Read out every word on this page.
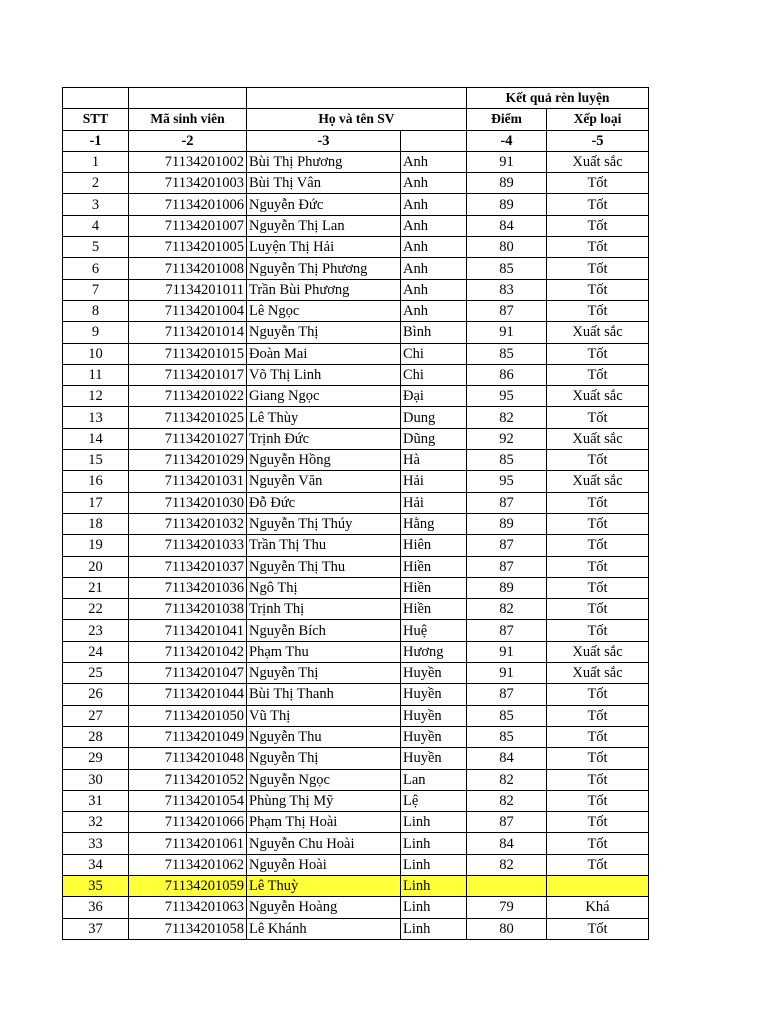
				Kết quả rèn luyện	
STT	Mã sinh viên	Họ và tên SV		Điểm	Xếp loại
-1	-2	-3		-4	-5
1	71134201002	Bùi Thị Phương	Anh	91	Xuất sắc
2	71134201003	Bùi Thị Vân	Anh	89	Tốt
3	71134201006	Nguyễn Đức	Anh	89	Tốt
4	71134201007	Nguyễn Thị Lan	Anh	84	Tốt
5	71134201005	Luyện Thị Hải	Anh	80	Tốt
6	71134201008	Nguyễn Thị Phương	Anh	85	Tốt
7	71134201011	Trần Bùi Phương	Anh	83	Tốt
8	71134201004	Lê Ngọc	Anh	87	Tốt
9	71134201014	Nguyễn Thị	Bình	91	Xuất sắc
10	71134201015	Đoàn Mai	Chi	85	Tốt
11	71134201017	Võ Thị Linh	Chi	86	Tốt
12	71134201022	Giang Ngọc	Đại	95	Xuất sắc
13	71134201025	Lê Thùy	Dung	82	Tốt
14	71134201027	Trịnh Đức	Dũng	92	Xuất sắc
15	71134201029	Nguyễn Hồng	Hà	85	Tốt
16	71134201031	Nguyễn Văn	Hải	95	Xuất sắc
17	71134201030	Đỗ Đức	Hải	87	Tốt
18	71134201032	Nguyễn Thị Thúy	Hằng	89	Tốt
19	71134201033	Trần Thị Thu	Hiên	87	Tốt
20	71134201037	Nguyễn Thị Thu	Hiền	87	Tốt
21	71134201036	Ngô Thị	Hiền	89	Tốt
22	71134201038	Trịnh Thị	Hiền	82	Tốt
23	71134201041	Nguyễn Bích	Huệ	87	Tốt
24	71134201042	Phạm Thu	Hương	91	Xuất sắc
25	71134201047	Nguyễn Thị	Huyền	91	Xuất sắc
26	71134201044	Bùi Thị Thanh	Huyền	87	Tốt
27	71134201050	Vũ Thị	Huyền	85	Tốt
28	71134201049	Nguyễn Thu	Huyền	85	Tốt
29	71134201048	Nguyễn Thị	Huyền	84	Tốt
30	71134201052	Nguyễn Ngọc	Lan	82	Tốt
31	71134201054	Phùng Thị Mỹ	Lệ	82	Tốt
32	71134201066	Phạm Thị Hoài	Linh	87	Tốt
33	71134201061	Nguyễn Chu Hoài	Linh	84	Tốt
34	71134201062	Nguyễn Hoài	Linh	82	Tốt
35	71134201059	Lê Thuỳ	Linh		
36	71134201063	Nguyễn Hoàng	Linh	79	Khá
37	71134201058	Lê Khánh	Linh	80	Tốt
